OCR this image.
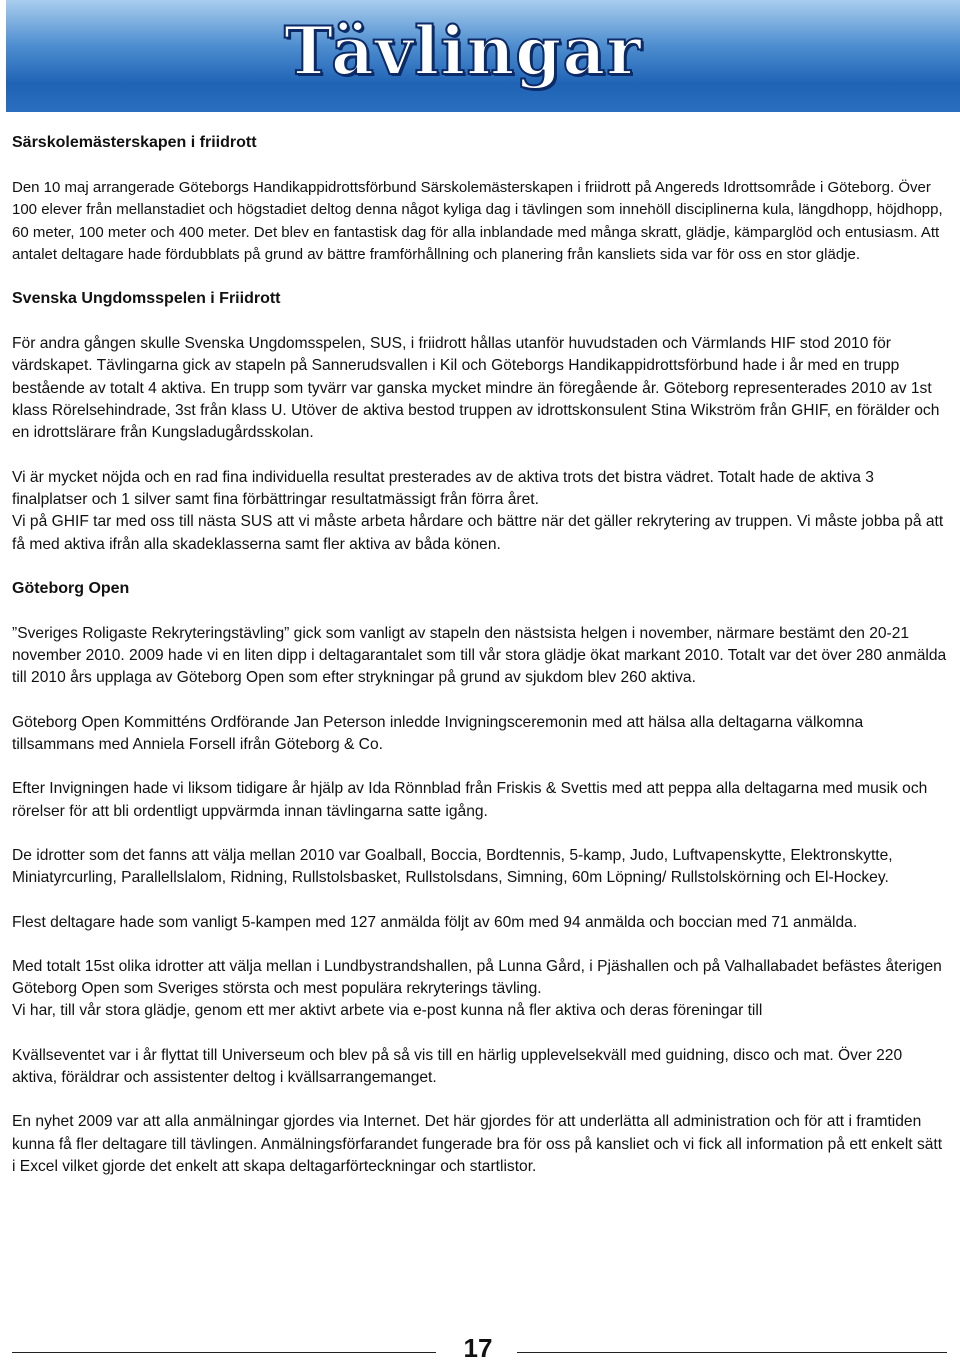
Tävlingar
Särskolemästerskapen i friidrott

Den 10 maj arrangerade Göteborgs Handikappidrottsförbund Särskolemästerskapen i friidrott på Angereds Idrottsområde i Göteborg. Över 100 elever från mellanstadiet och högstadiet deltog denna något kyliga dag i tävlingen som innehöll disciplinerna kula, längdhopp, höjdhopp, 60 meter, 100 meter och 400 meter. Det blev en fantastisk dag för alla inblandade med många skratt, glädje, kämparglöd och entusiasm. Att antalet deltagare hade fördubblats på grund av bättre framförhållning och planering från kansliets sida var för oss en stor glädje.

Svenska Ungdomsspelen i Friidrott

För andra gången skulle Svenska Ungdomsspelen, SUS, i friidrott hållas utanför huvudstaden och Värmlands HIF stod 2010 för värdskapet. Tävlingarna gick av stapeln på Sannerudsvallen i Kil och Göteborgs Handikappidrottsförbund hade i år med en trupp bestående av totalt 4 aktiva. En trupp som tyvärr var ganska mycket mindre än föregående år. Göteborg representerades 2010 av 1st klass Rörelsehindrade, 3st från klass U. Utöver de aktiva bestod truppen av idrottskonsulent Stina Wikström från GHIF, en förälder och en idrottslärare från Kungsladugårdsskolan.

Vi är mycket nöjda och en rad fina individuella resultat presterades av de aktiva trots det bistra vädret. Totalt hade de aktiva 3 finalplatser och 1 silver samt fina förbättringar resultatmässigt från förra året.

Vi på GHIF tar med oss till nästa SUS att vi måste arbeta hårdare och bättre när det gäller rekrytering av truppen. Vi måste jobba på att få med aktiva ifrån alla skadeklasserna samt fler aktiva av båda könen.

Göteborg Open

”Sveriges Roligaste Rekryteringstävling” gick som vanligt av stapeln den nästsista helgen i november, närmare bestämt den 20-21 november 2010. 2009 hade vi en liten dipp i deltagarantalet som till vår stora glädje ökat markant 2010. Totalt var det över 280 anmälda till 2010 års upplaga av Göteborg Open som efter strykningar på grund av sjukdom blev 260 aktiva.

Göteborg Open Kommitténs Ordförande Jan Peterson inledde Invigningsceremonin med att hälsa alla deltagarna välkomna tillsammans med Anniela Forsell ifrån Göteborg & Co.

Efter Invigningen hade vi liksom tidigare år hjälp av Ida Rönnblad från Friskis & Svettis med att peppa alla deltagarna med musik och rörelser för att bli ordentligt uppvärmda innan tävlingarna satte igång.

De idrotter som det fanns att välja mellan 2010 var Goalball, Boccia, Bordtennis, 5-kamp, Judo, Luftvapenskytte, Elektronskytte, Miniatyrcurling, Parallellslalom, Ridning, Rullstolsbasket, Rullstolsdans, Simning, 60m Löpning/ Rullstolskörning och El-Hockey.

Flest deltagare hade som vanligt 5-kampen med 127 anmälda följt av 60m med 94 anmälda och boccian med 71 anmälda.

Med totalt 15st olika idrotter att välja mellan i Lundbystrandshallen, på Lunna Gård, i Pjäshallen och på Valhallabadet befästes återigen Göteborg Open som Sveriges största och mest populära rekryterings tävling.

Vi har, till vår stora glädje, genom ett mer aktivt arbete via e-post kunna nå fler aktiva och deras föreningar till

Kvällseventet var i år flyttat till Universeum och blev på så vis till en härlig upplevelsekväll med guidning, disco och mat. Över 220 aktiva, föräldrar och assistenter deltog i kvällsarrangemanget.

En nyhet 2009 var att alla anmälningar gjordes via Internet. Det här gjordes för att underlätta all administration och för att i framtiden kunna få fler deltagare till tävlingen. Anmälningsförfarandet fungerade bra för oss på kansliet och vi fick all information på ett enkelt sätt i Excel vilket gjorde det enkelt att skapa deltagarförteckningar och startlistor.

17
